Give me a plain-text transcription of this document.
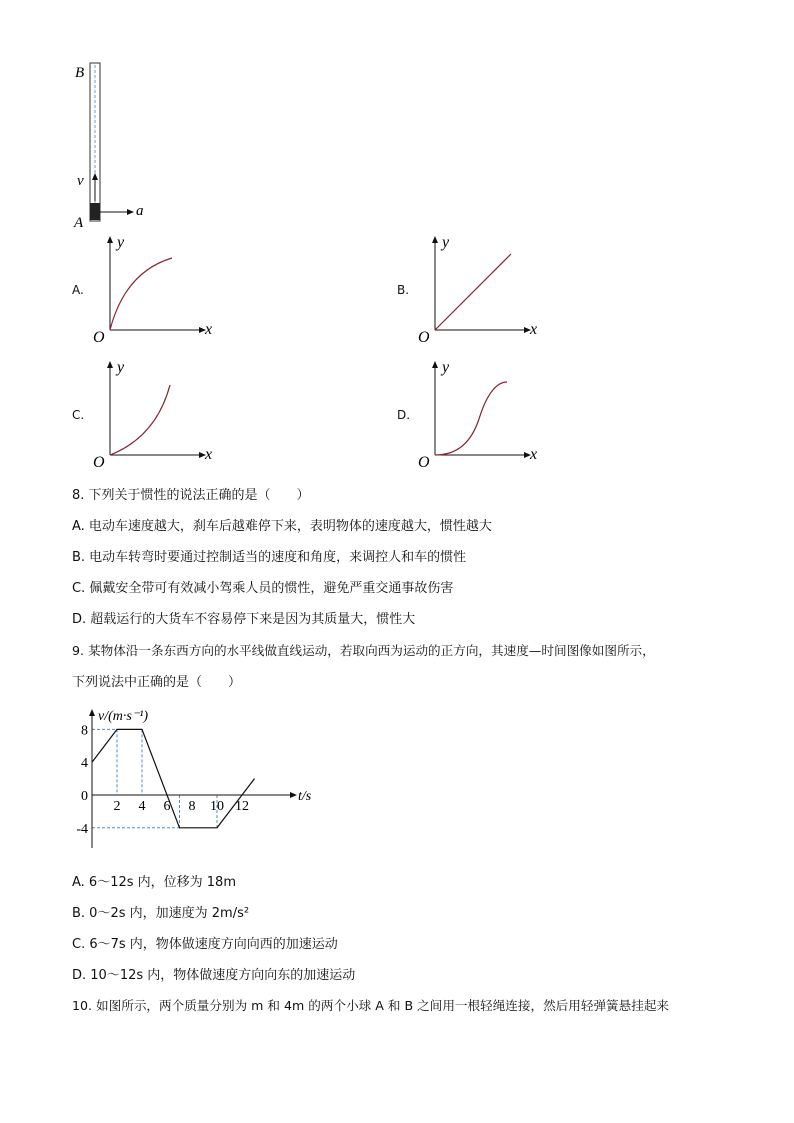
B
A
v
a
A.
y
x
O
B.
y
x
O
C.
y
x
O
D.
y
x
O
8. 下列关于惯性的说法正确的是（　　）
A. 电动车速度越大，刹车后越难停下来，表明物体的速度越大，惯性越大
B. 电动车转弯时要通过控制适当的速度和角度，来调控人和车的惯性
C. 佩戴安全带可有效减小驾乘人员的惯性，避免严重交通事故伤害
D. 超载运行的大货车不容易停下来是因为其质量大，惯性大
9. 某物体沿一条东西方向的水平线做直线运动，若取向西为运动的正方向，其速度—时间图像如图所示，
下列说法中正确的是（　　）
8
4
0
-4
2 4 6 8 10 12
v/(m·s⁻¹)
t/s
A. 6～12s 内，位移为 18m
B. 0～2s 内，加速度为 2m/s²
C. 6～7s 内，物体做速度方向向西的加速运动
D. 10～12s 内，物体做速度方向向东的加速运动
10. 如图所示，两个质量分别为 m 和 4m 的两个小球 A 和 B 之间用一根轻绳连接，然后用轻弹簧悬挂起来
